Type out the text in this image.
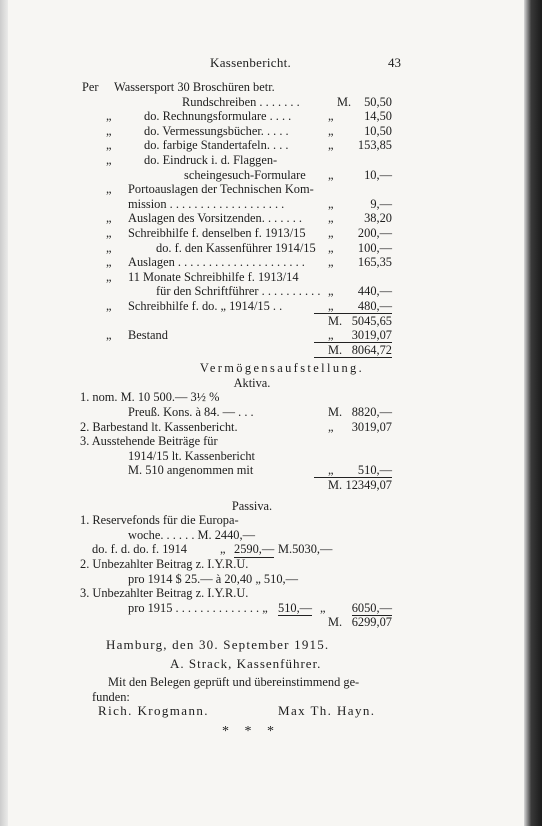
Kassenbericht.	43
Per Wassersport 30 Broschüren betr.
Rundschreiben . . . . . . .	M. 50,50
„	do. Rechnungsformulare . . . .	„ 14,50
„	do. Vermessungsbücher. . . . .	„ 10,50
„	do. farbige Standertafeln. . . .	„ 153,85
„	do. Eindruck i. d. Flaggen-
scheingesuch-Formulare „ 10,—
„ Portoauslagen der Technischen Kom-
mission . . . . . . . . . . . . . . . . . . .	„	9,—
„ Auslagen des Vorsitzenden. . . . . . . „ 38,20
„ Schreibhilfe f. denselben f. 1913/15 „ 200,—
„	do. f. den Kassenführer 1914/15 „ 100,—
„ Auslagen . . . . . . . . . . . . . . . . . . . . . „ 165,35
„ 11 Monate Schreibhilfe f. 1913/14
für den Schriftführer . . . . . . . . . . „ 440,—
„ Schreibhilfe f. do. „ 1914/15 . .	„ 480,—
M. 5045,65
„ Bestand	„ 3019,07
M. 8064,72
Vermögensaufstellung.
Aktiva.
1. nom. M. 10 500.— 3½ %
Preuß. Kons. à 84. — . . .	M. 8820,—
2. Barbestand lt. Kassenbericht.	„ 3019,07
3. Ausstehende Beiträge für
1914/15 lt. Kassenbericht
M. 510 angenommen mit	„ 510,—
M. 12349,07
Passiva.
1. Reservefonds für die Europa-
woche. . . . . . M. 2440,—
do. f. d. do. f. 1914	„ 2590,— M.5030,—
2. Unbezahlter Beitrag z. I.Y.R.U.
pro 1914 $ 25.— à 20,40 „ 510,—
3. Unbezahlter Beitrag z. I.Y.R.U.
pro 1915 . . . . . . . . . . . . . . „ 510,— „ 6050,—
M. 6299,07
Hamburg, den 30. September 1915.
A. Strack, Kassenführer.
Mit den Belegen geprüft und übereinstimmend ge-
funden:
Rich. Krogmann.	Max Th. Hayn.
* * *
